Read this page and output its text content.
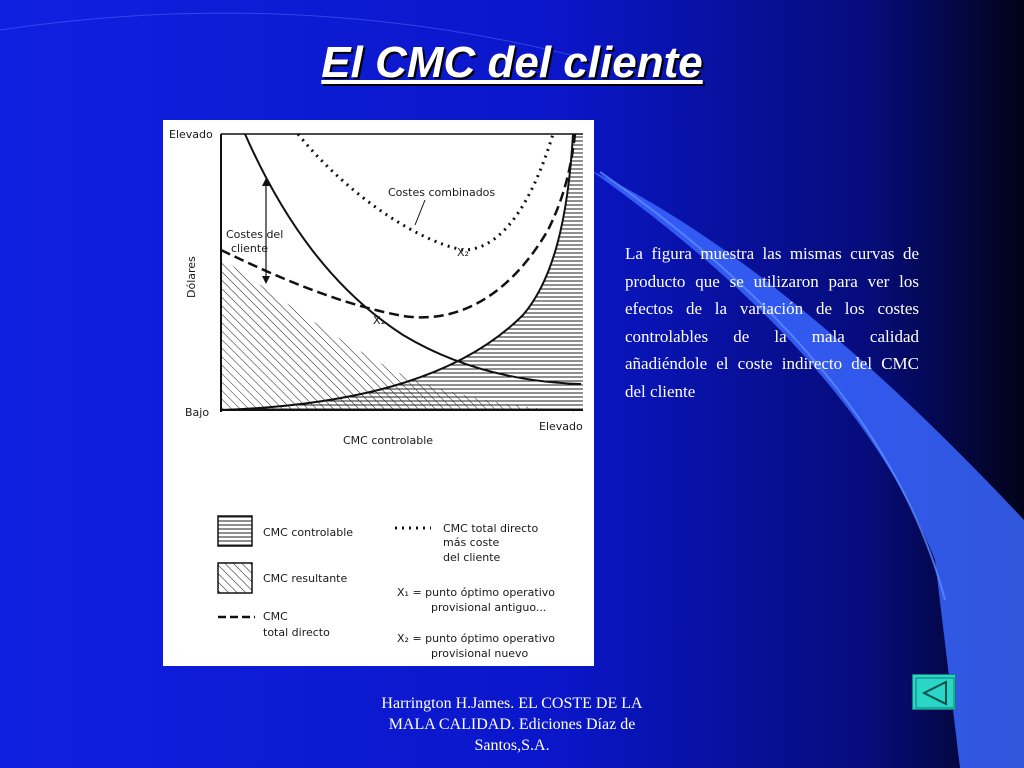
El CMC del cliente
Elevado
Dólares
Bajo
Elevado
CMC controlable
Costes combinados
Costes del
cliente
X₁
X₂
CMC controlable
CMC resultante
CMC
total directo
CMC total directo
más coste
del cliente
X₁ = punto óptimo operativo
provisional antiguo...
X₂ = punto óptimo operativo
provisional nuevo
La figura muestra las mismas curvas de producto que se utilizaron para ver los efectos de la variación de los costes controlables de la mala calidad añadiéndole el coste indirecto del CMC del cliente
Harrington H.James. EL COSTE DE LA MALA CALIDAD. Ediciones Díaz de Santos,S.A.
